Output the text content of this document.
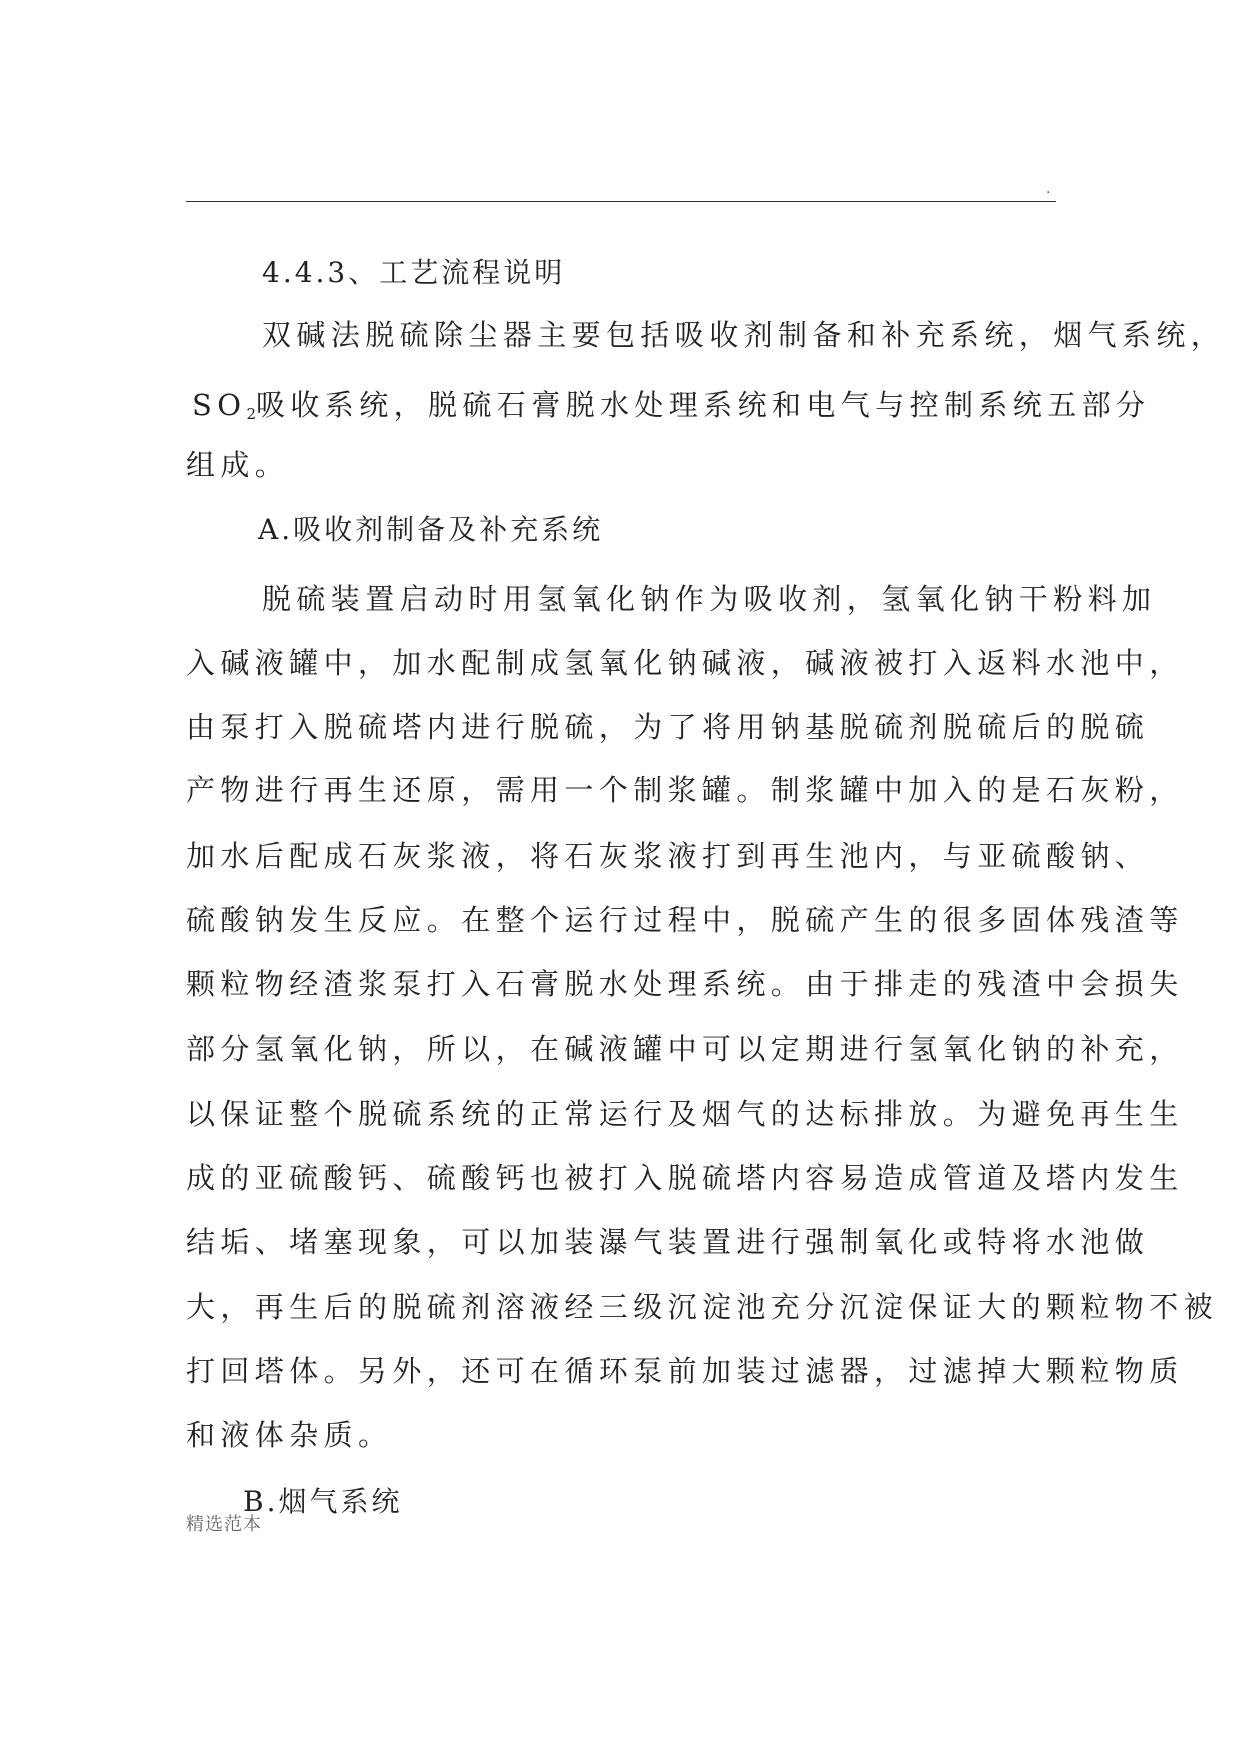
.
4.4.3、工艺流程说明
双碱法脱硫除尘器主要包括吸收剂制备和补充系统，烟气系统，
$SO_2$吸收系统，脱硫石膏脱水处理系统和电气与控制系统五部分
组成。
A.吸收剂制备及补充系统
脱硫装置启动时用氢氧化钠作为吸收剂，氢氧化钠干粉料加
入碱液罐中，加水配制成氢氧化钠碱液，碱液被打入返料水池中，
由泵打入脱硫塔内进行脱硫，为了将用钠基脱硫剂脱硫后的脱硫
产物进行再生还原，需用一个制浆罐。制浆罐中加入的是石灰粉，
加水后配成石灰浆液，将石灰浆液打到再生池内，与亚硫酸钠、
硫酸钠发生反应。在整个运行过程中，脱硫产生的很多固体残渣等
颗粒物经渣浆泵打入石膏脱水处理系统。由于排走的残渣中会损失
部分氢氧化钠，所以，在碱液罐中可以定期进行氢氧化钠的补充，
以保证整个脱硫系统的正常运行及烟气的达标排放。为避免再生生
成的亚硫酸钙、硫酸钙也被打入脱硫塔内容易造成管道及塔内发生
结垢、堵塞现象，可以加装瀑气装置进行强制氧化或特将水池做
大，再生后的脱硫剂溶液经三级沉淀池充分沉淀保证大的颗粒物不被
打回塔体。另外，还可在循环泵前加装过滤器，过滤掉大颗粒物质
和液体杂质。
B.烟气系统
精选范本
